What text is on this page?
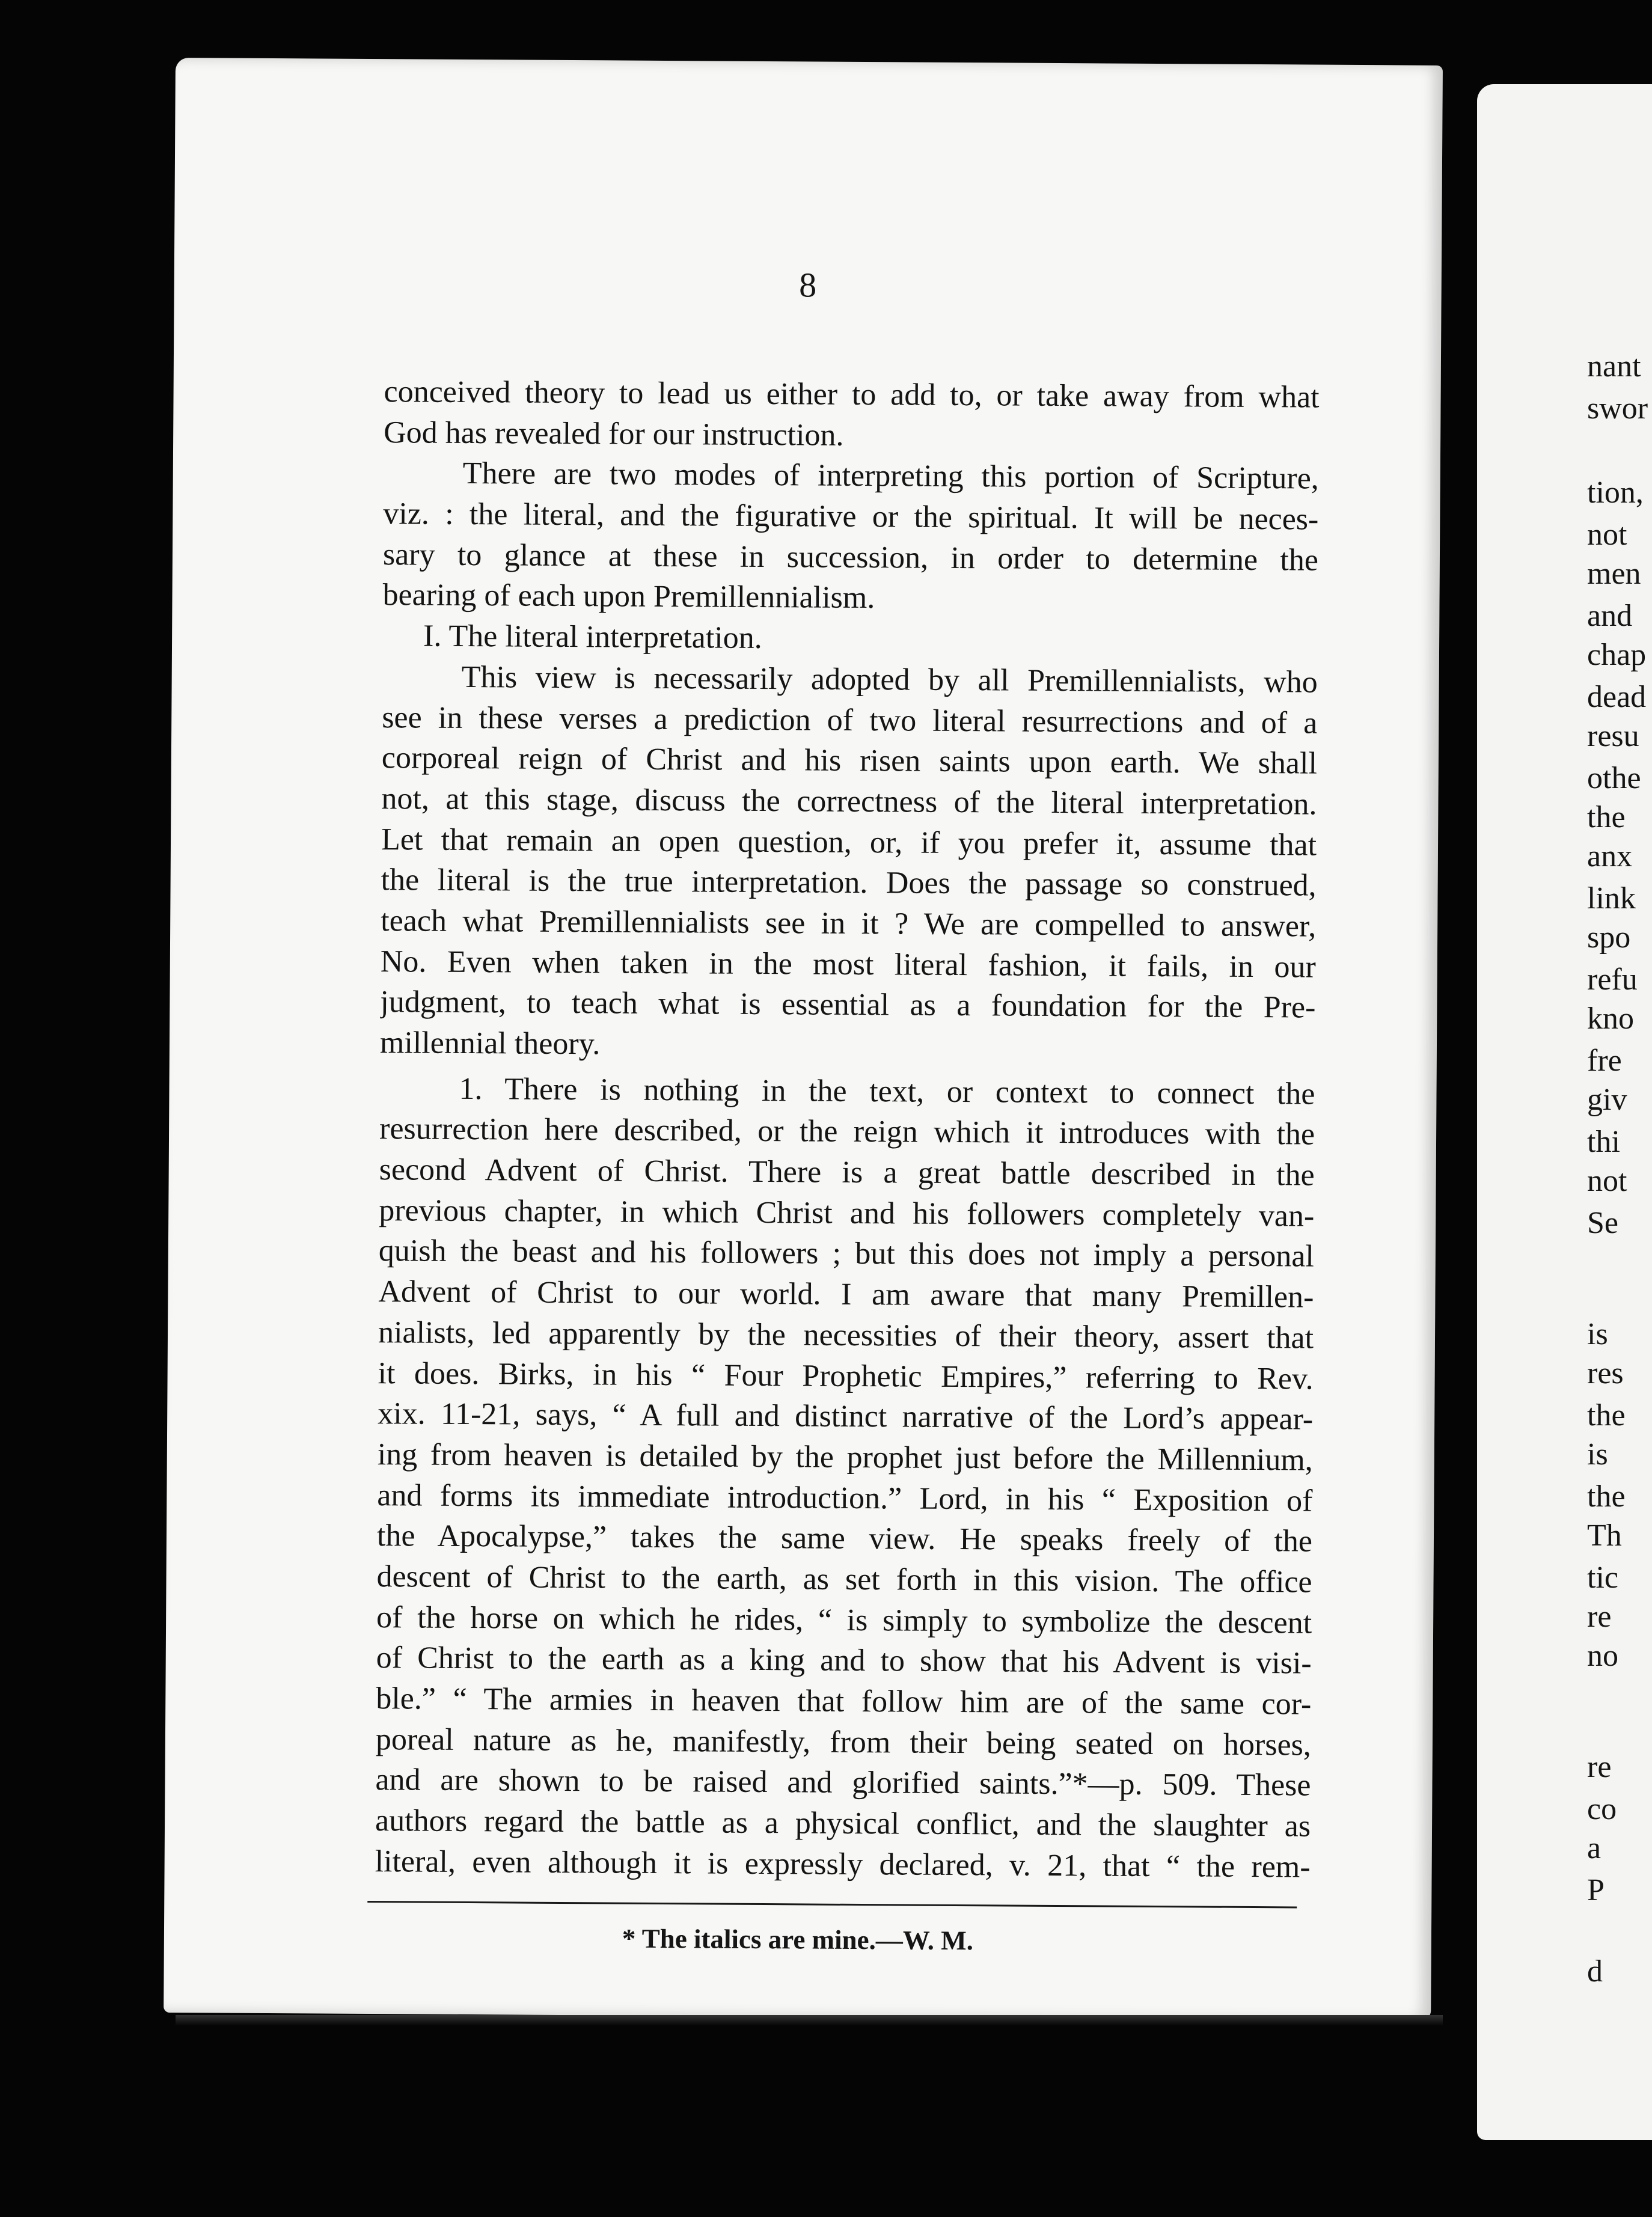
8
conceived theory to lead us either to add to, or take away from what
God has revealed for our instruction.
There are two modes of interpreting this portion of Scripture,
viz. : the literal, and the figurative or the spiritual. It will be neces-
sary to glance at these in succession, in order to determine the
bearing of each upon Premillennialism.
I. The literal interpretation.
This view is necessarily adopted by all Premillennialists, who
see in these verses a prediction of two literal resurrections and of a
corporeal reign of Christ and his risen saints upon earth. We shall
not, at this stage, discuss the correctness of the literal interpretation.
Let that remain an open question, or, if you prefer it, assume that
the literal is the true interpretation. Does the passage so construed,
teach what Premillennialists see in it ? We are compelled to answer,
No. Even when taken in the most literal fashion, it fails, in our
judgment, to teach what is essential as a foundation for the Pre-
millennial theory.
1. There is nothing in the text, or context to connect the
resurrection here described, or the reign which it introduces with the
second Advent of Christ. There is a great battle described in the
previous chapter, in which Christ and his followers completely van-
quish the beast and his followers ; but this does not imply a personal
Advent of Christ to our world. I am aware that many Premillen-
nialists, led apparently by the necessities of their theory, assert that
it does. Birks, in his “ Four Prophetic Empires,” referring to Rev.
xix. 11-21, says, “ A full and distinct narrative of the Lord’s appear-
ing from heaven is detailed by the prophet just before the Millennium,
and forms its immediate introduction.” Lord, in his “ Exposition of
the Apocalypse,” takes the same view. He speaks freely of the
descent of Christ to the earth, as set forth in this vision. The office
of the horse on which he rides, “ is simply to symbolize the descent
of Christ to the earth as a king and to show that his Advent is visi-
ble.” “ The armies in heaven that follow him are of the same cor-
poreal nature as he, manifestly, from their being seated on horses,
and are shown to be raised and glorified saints.”*—p. 509. These
authors regard the battle as a physical conflict, and the slaughter as
literal, even although it is expressly declared, v. 21, that “ the rem-
* The italics are mine.—W. M.
nant
swor
tion,
not
men
and
chap
dead
resu
othe
the
anx
link
spo
refu
kno
fre
giv
thi
not
Se
is
res
the
is
the
Th
tic
re
no
re
co
a
P
d
